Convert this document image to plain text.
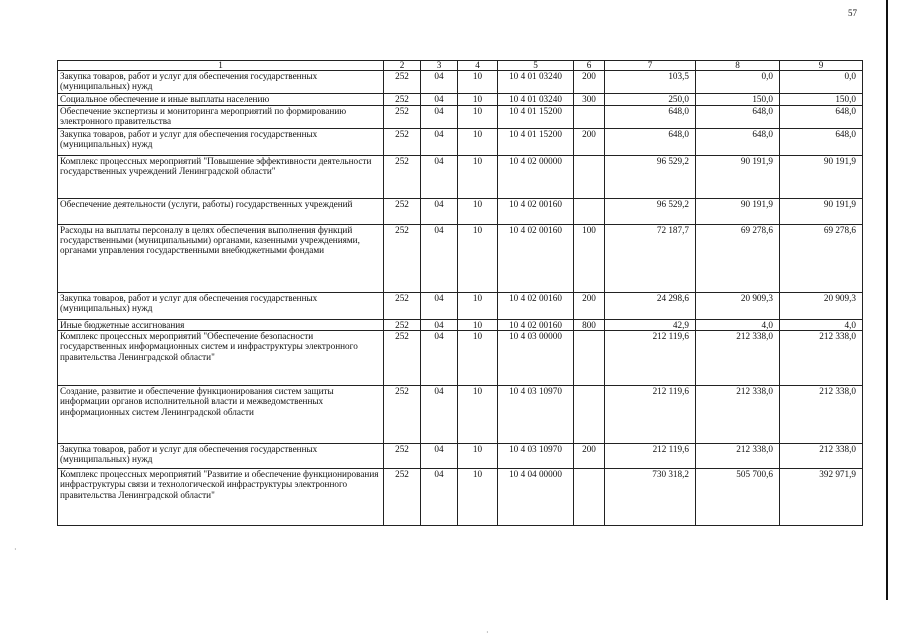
57
1	2	3	4	5	6	7	8	9
Закупка товаров, работ и услуг для обеспечения государственных (муниципальных) нужд	252	04	10	10 4 01 03240	200	103,5	0,0	0,0
Социальное обеспечение и иные выплаты населению	252	04	10	10 4 01 03240	300	250,0	150,0	150,0
Обеспечение экспертизы и мониторинга мероприятий по формированию электронного правительства	252	04	10	10 4 01 15200		648,0	648,0	648,0
Закупка товаров, работ и услуг для обеспечения государственных (муниципальных) нужд	252	04	10	10 4 01 15200	200	648,0	648,0	648,0
Комплекс процессных мероприятий "Повышение эффективности деятельности государственных учреждений Ленинградской области"	252	04	10	10 4 02 00000		96 529,2	90 191,9	90 191,9
Обеспечение деятельности (услуги, работы) государственных учреждений	252	04	10	10 4 02 00160		96 529,2	90 191,9	90 191,9
Расходы на выплаты персоналу в целях обеспечения выполнения функций государственными (муниципальными) органами, казенными учреждениями, органами управления государственными внебюджетными фондами	252	04	10	10 4 02 00160	100	72 187,7	69 278,6	69 278,6
Закупка товаров, работ и услуг для обеспечения государственных (муниципальных) нужд	252	04	10	10 4 02 00160	200	24 298,6	20 909,3	20 909,3
Иные бюджетные ассигнования	252	04	10	10 4 02 00160	800	42,9	4,0	4,0
Комплекс процессных мероприятий "Обеспечение безопасности государственных информационных систем и инфраструктуры электронного правительства Ленинградской области"	252	04	10	10 4 03 00000		212 119,6	212 338,0	212 338,0
Создание, развитие и обеспечение функционирования систем защиты информации органов исполнительной власти и межведомственных информационных систем Ленинградской области	252	04	10	10 4 03 10970		212 119,6	212 338,0	212 338,0
Закупка товаров, работ и услуг для обеспечения государственных (муниципальных) нужд	252	04	10	10 4 03 10970	200	212 119,6	212 338,0	212 338,0
Комплекс процессных мероприятий "Развитие и обеспечение функционирования инфраструктуры связи и технологической инфраструктуры электронного правительства Ленинградской области"	252	04	10	10 4 04 00000		730 318,2	505 700,6	392 971,9
·
·
